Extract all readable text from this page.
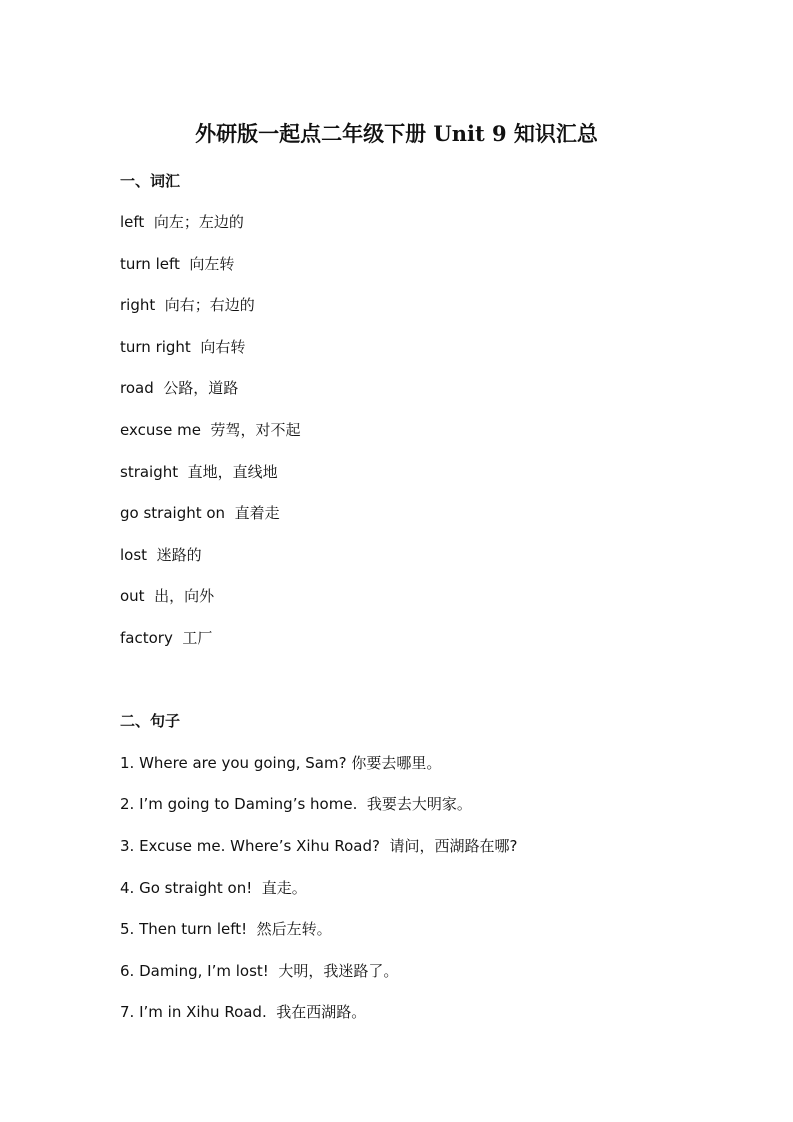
外研版一起点二年级下册 Unit 9 知识汇总
一、词汇

left  向左；左边的

turn left  向左转

right  向右；右边的

turn right  向右转

road  公路，道路

excuse me  劳驾，对不起

straight  直地，直线地

go straight on  直着走

lost  迷路的

out  出，向外

factory  工厂

二、句子

1. Where are you going, Sam? 你要去哪里。

2. I’m going to Daming’s home.  我要去大明家。

3. Excuse me. Where’s Xihu Road?  请问，西湖路在哪?

4. Go straight on!  直走。

5. Then turn left!  然后左转。

6. Daming, I’m lost!  大明，我迷路了。

7. I’m in Xihu Road.  我在西湖路。
